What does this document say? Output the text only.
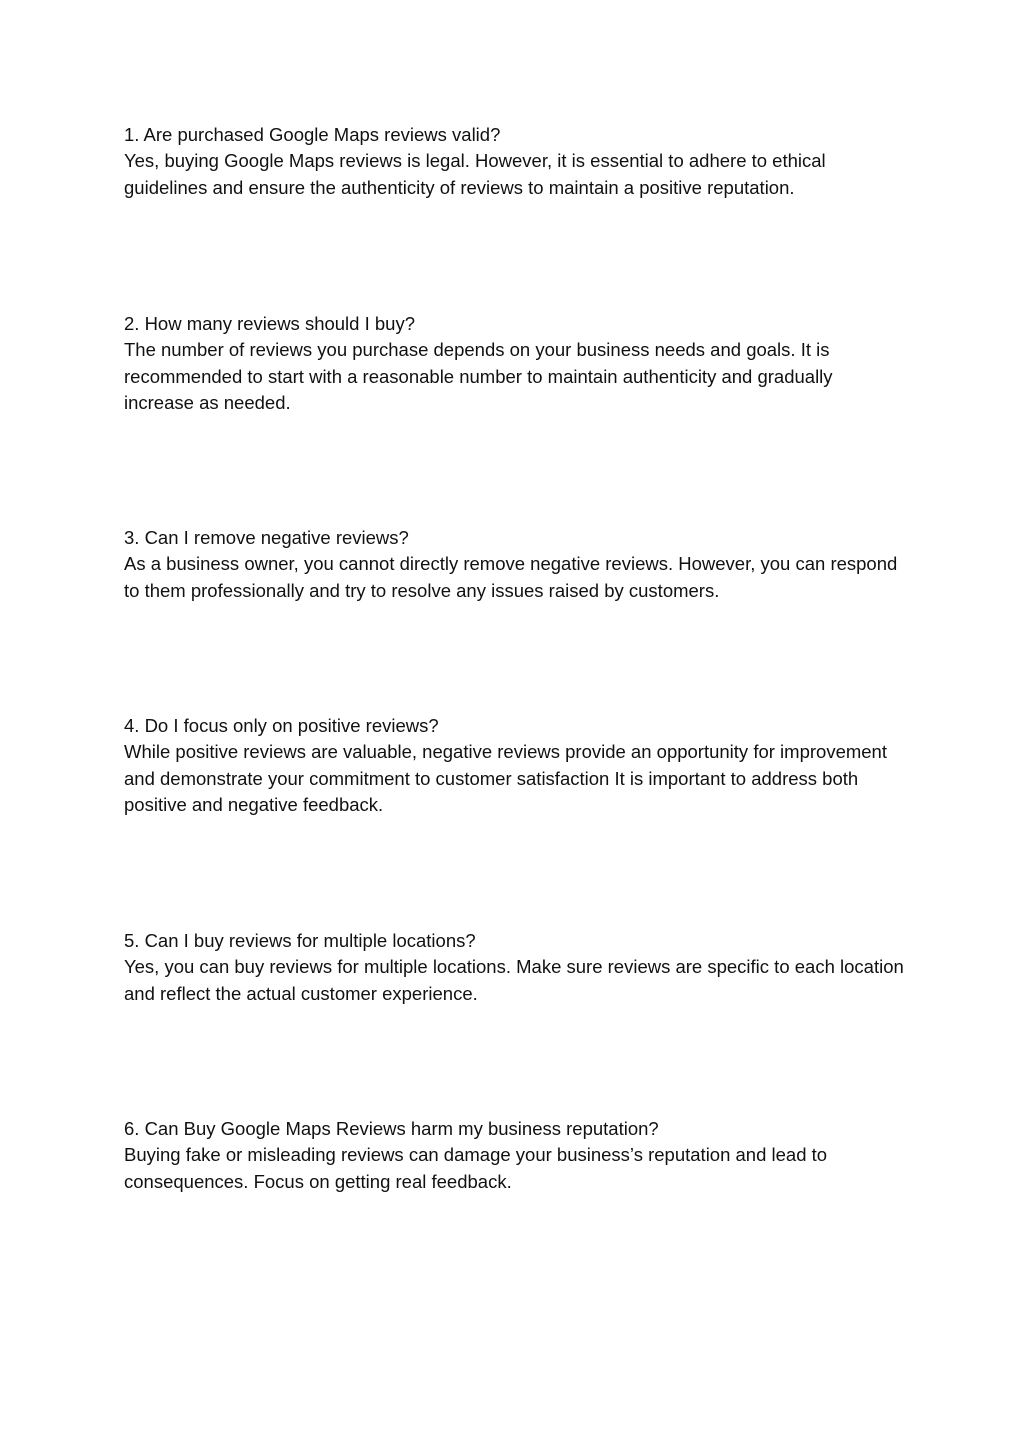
1. Are purchased Google Maps reviews valid?

Yes, buying Google Maps reviews is legal. However, it is essential to adhere to ethical guidelines and ensure the authenticity of reviews to maintain a positive reputation.

2. How many reviews should I buy?

The number of reviews you purchase depends on your business needs and goals. It is recommended to start with a reasonable number to maintain authenticity and gradually increase as needed.

3. Can I remove negative reviews?

As a business owner, you cannot directly remove negative reviews. However, you can respond to them professionally and try to resolve any issues raised by customers.

4. Do I focus only on positive reviews?

While positive reviews are valuable, negative reviews provide an opportunity for improvement and demonstrate your commitment to customer satisfaction It is important to address both positive and negative feedback.

5. Can I buy reviews for multiple locations?

Yes, you can buy reviews for multiple locations. Make sure reviews are specific to each location and reflect the actual customer experience.

6. Can Buy Google Maps Reviews harm my business reputation?

Buying fake or misleading reviews can damage your business’s reputation and lead to consequences. Focus on getting real feedback.
